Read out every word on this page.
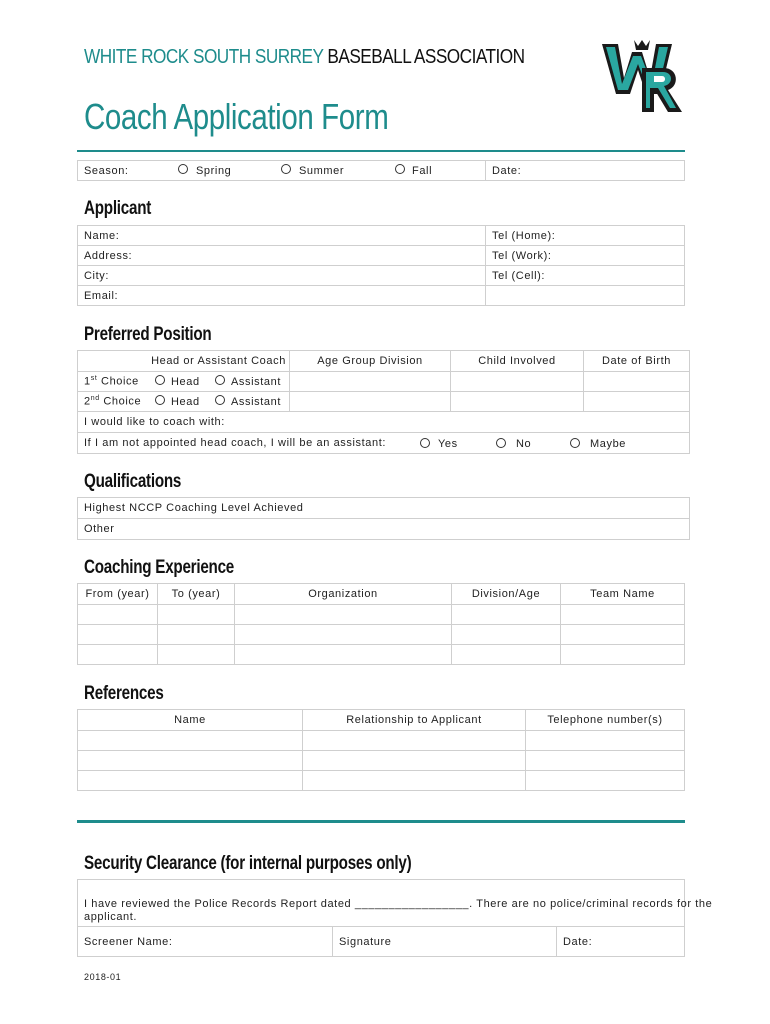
WHITE ROCK SOUTH SURREY BASEBALL ASSOCIATION
Coach Application Form
Season:	Spring	Summer	Fall	Date:
Applicant
Name:	Tel (Home):
Address:	Tel (Work):
City:	Tel (Cell):
Email:
Preferred Position
Head or Assistant Coach	Age Group Division	Child Involved	Date of Birth
1st Choice	Head	Assistant
2nd Choice	Head	Assistant
I would like to coach with:
If I am not appointed head coach, I will be an assistant:	Yes	No	Maybe
Qualifications
Highest NCCP Coaching Level Achieved
Other
Coaching Experience
From (year)	To (year)	Organization	Division/Age	Team Name
References
Name	Relationship to Applicant	Telephone number(s)
Security Clearance (for internal purposes only)
I have reviewed the Police Records Report dated _________________. There are no police/criminal records for the
applicant.
Screener Name:	Signature	Date:
2018-01
